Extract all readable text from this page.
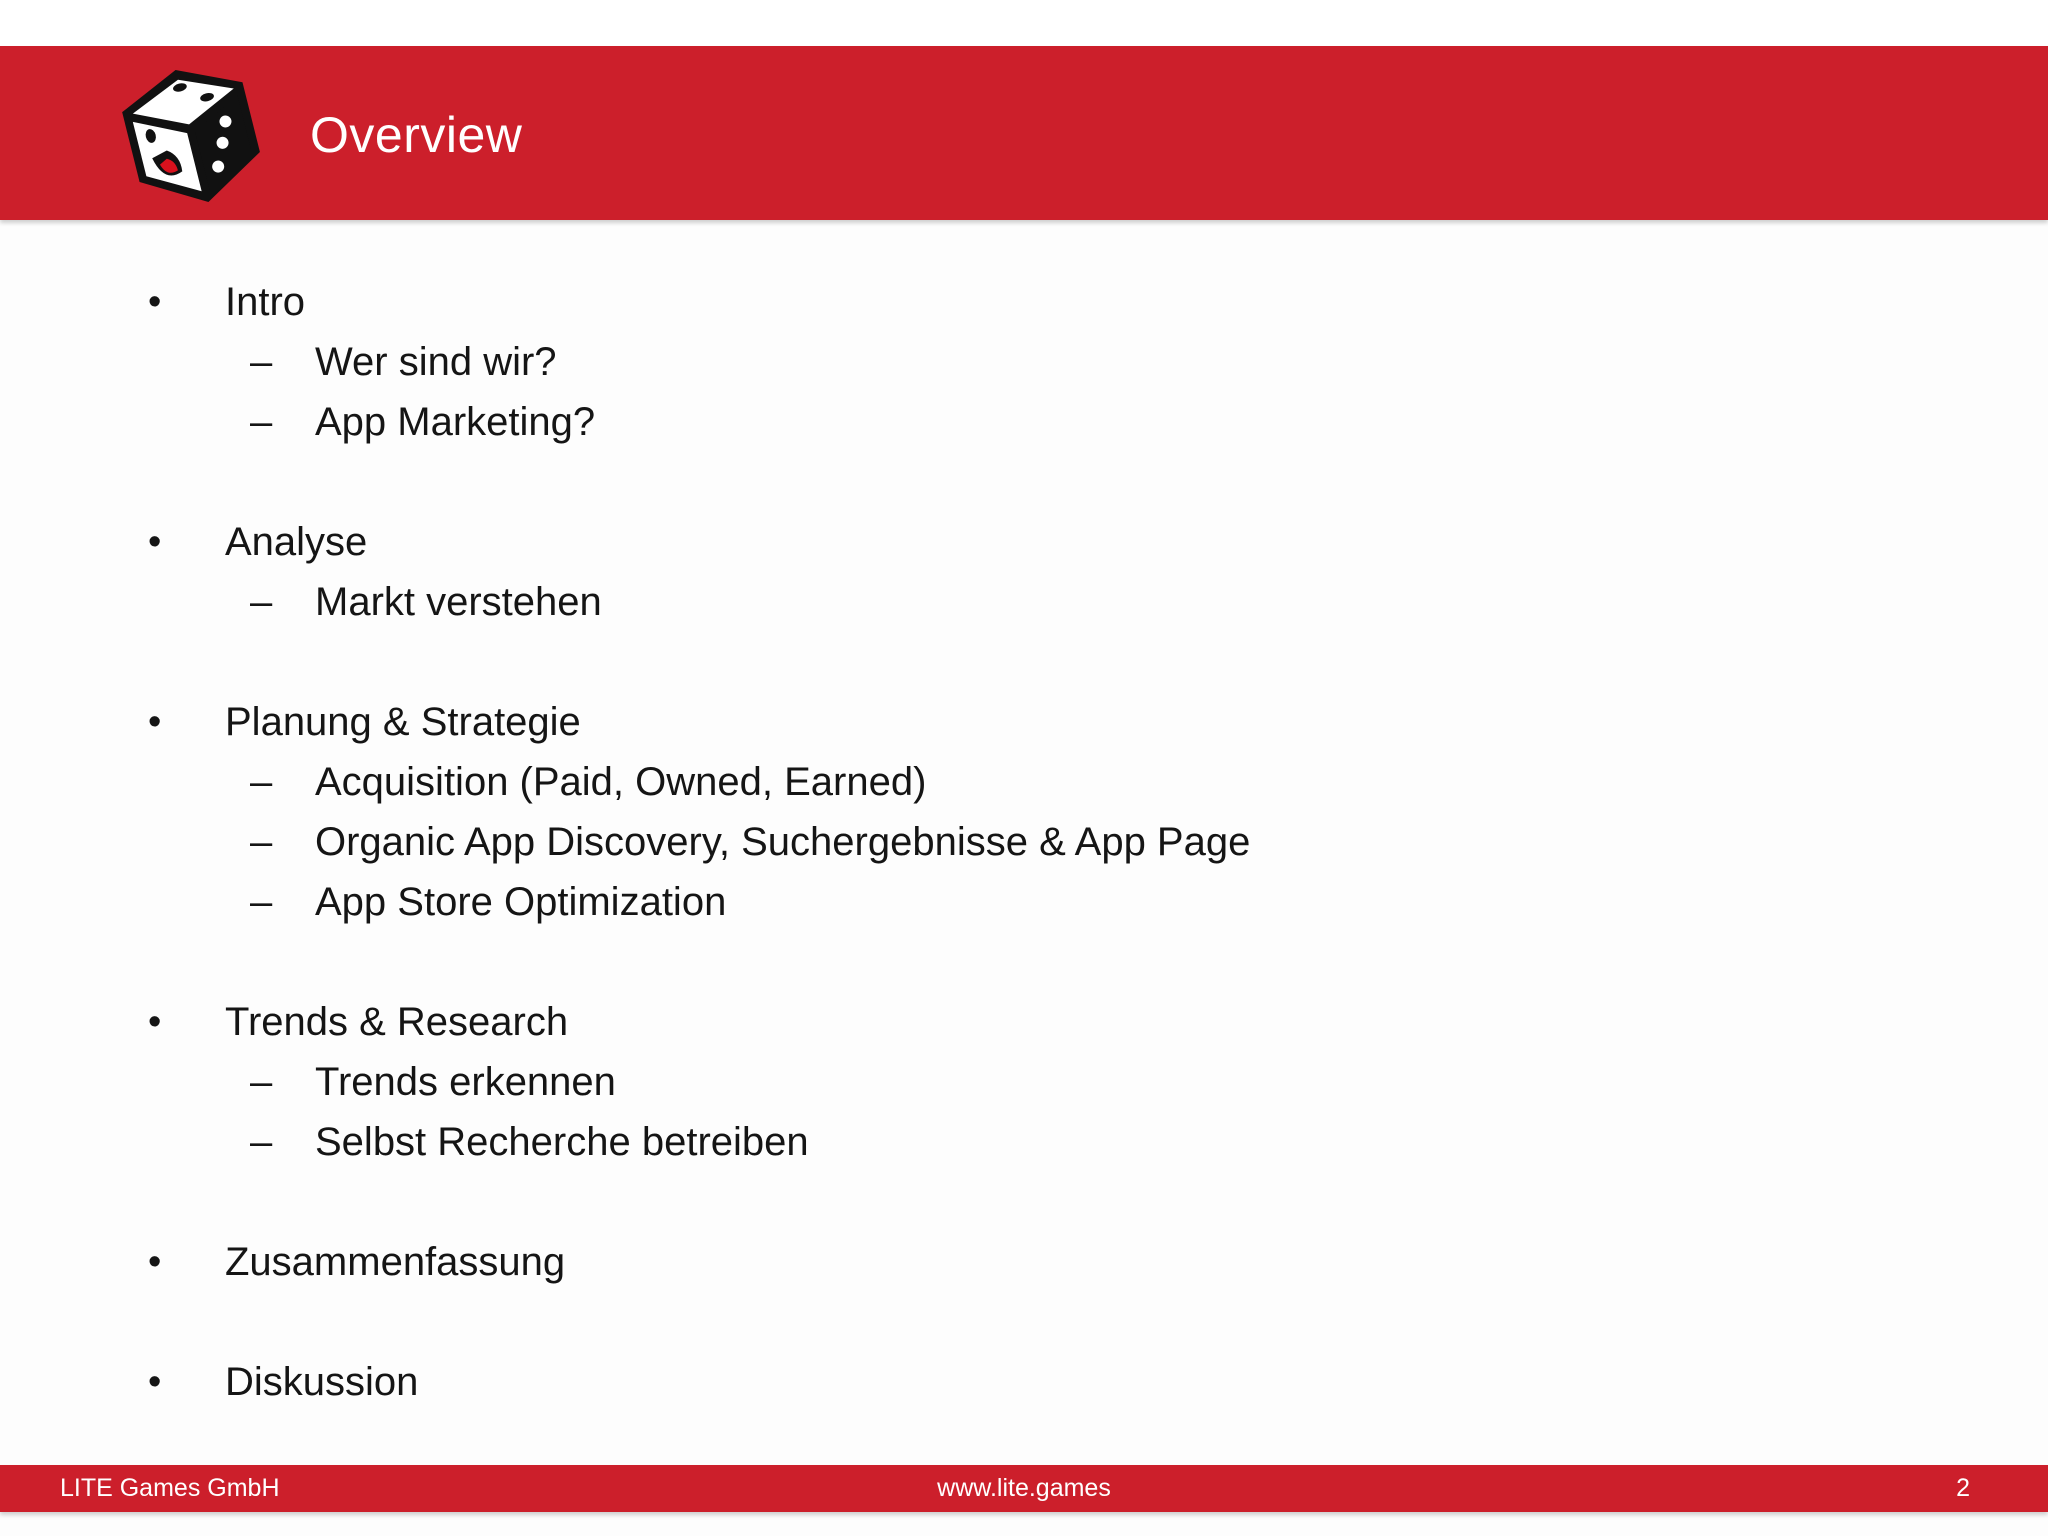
Overview
• Intro
– Wer sind wir?
– App Marketing?
• Analyse
– Markt verstehen
• Planung & Strategie
– Acquisition (Paid, Owned, Earned)
– Organic App Discovery, Suchergebnisse & App Page
– App Store Optimization
• Trends & Research
– Trends erkennen
– Selbst Recherche betreiben
• Zusammenfassung
• Diskussion
LITE Games GmbH	www.lite.games	2
